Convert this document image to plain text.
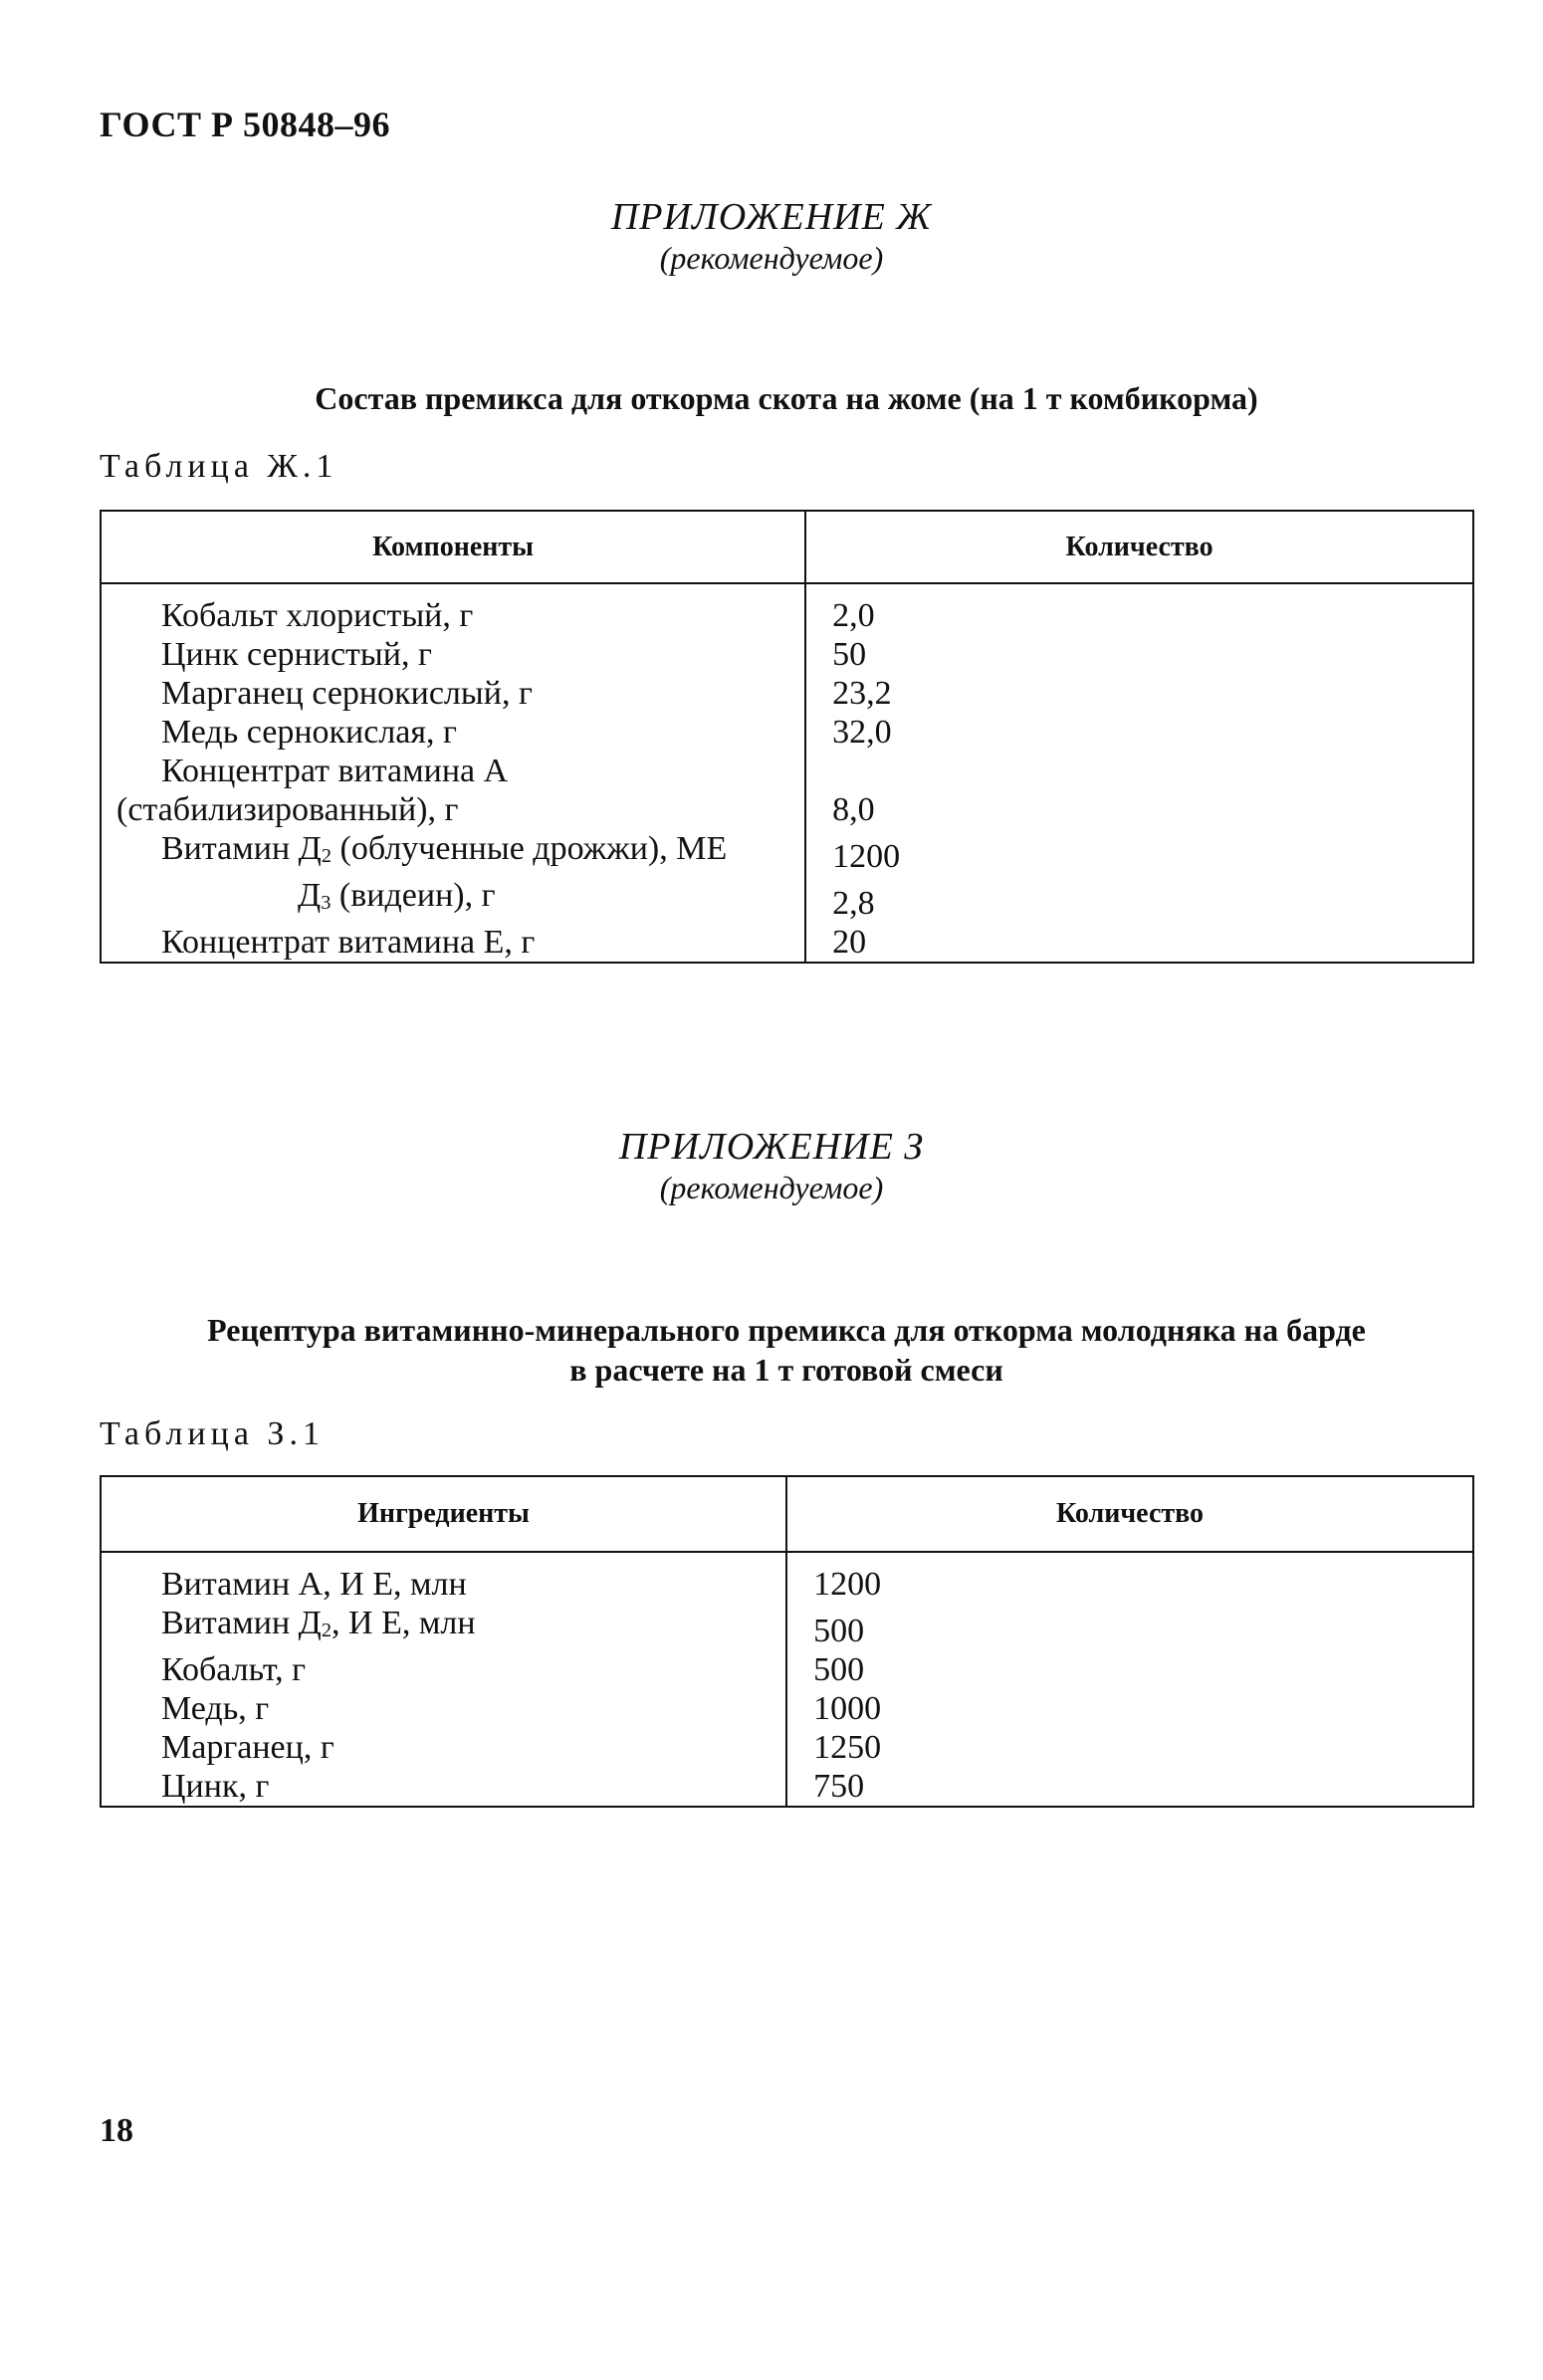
ГОСТ Р 50848–96
ПРИЛОЖЕНИЕ Ж
(рекомендуемое)
Состав премикса для откорма скота на жоме (на 1 т комбикорма)
Таблица Ж.1
Компоненты	Количество
Кобальт хлористый, г	2,0
Цинк сернистый, г	50
Марганец сернокислый, г	23,2
Медь сернокислая, г	32,0
Концентрат витамина А	
(стабилизированный), г	8,0
Витамин $Д_2$ (облученные дрожжи), МЕ	1200
$Д_3$ (видеин), г	2,8
Концентрат витамина Е, г	20
ПРИЛОЖЕНИЕ З
(рекомендуемое)
Рецептура витаминно-минерального премикса для откорма молодняка на барде
в расчете на 1 т готовой смеси
Таблица З.1
Ингредиенты	Количество
Витамин А, И Е, млн	1200
Витамин $Д_2$, И Е, млн	500
Кобальт, г	500
Медь, г	1000
Марганец, г	1250
Цинк, г	750
18
